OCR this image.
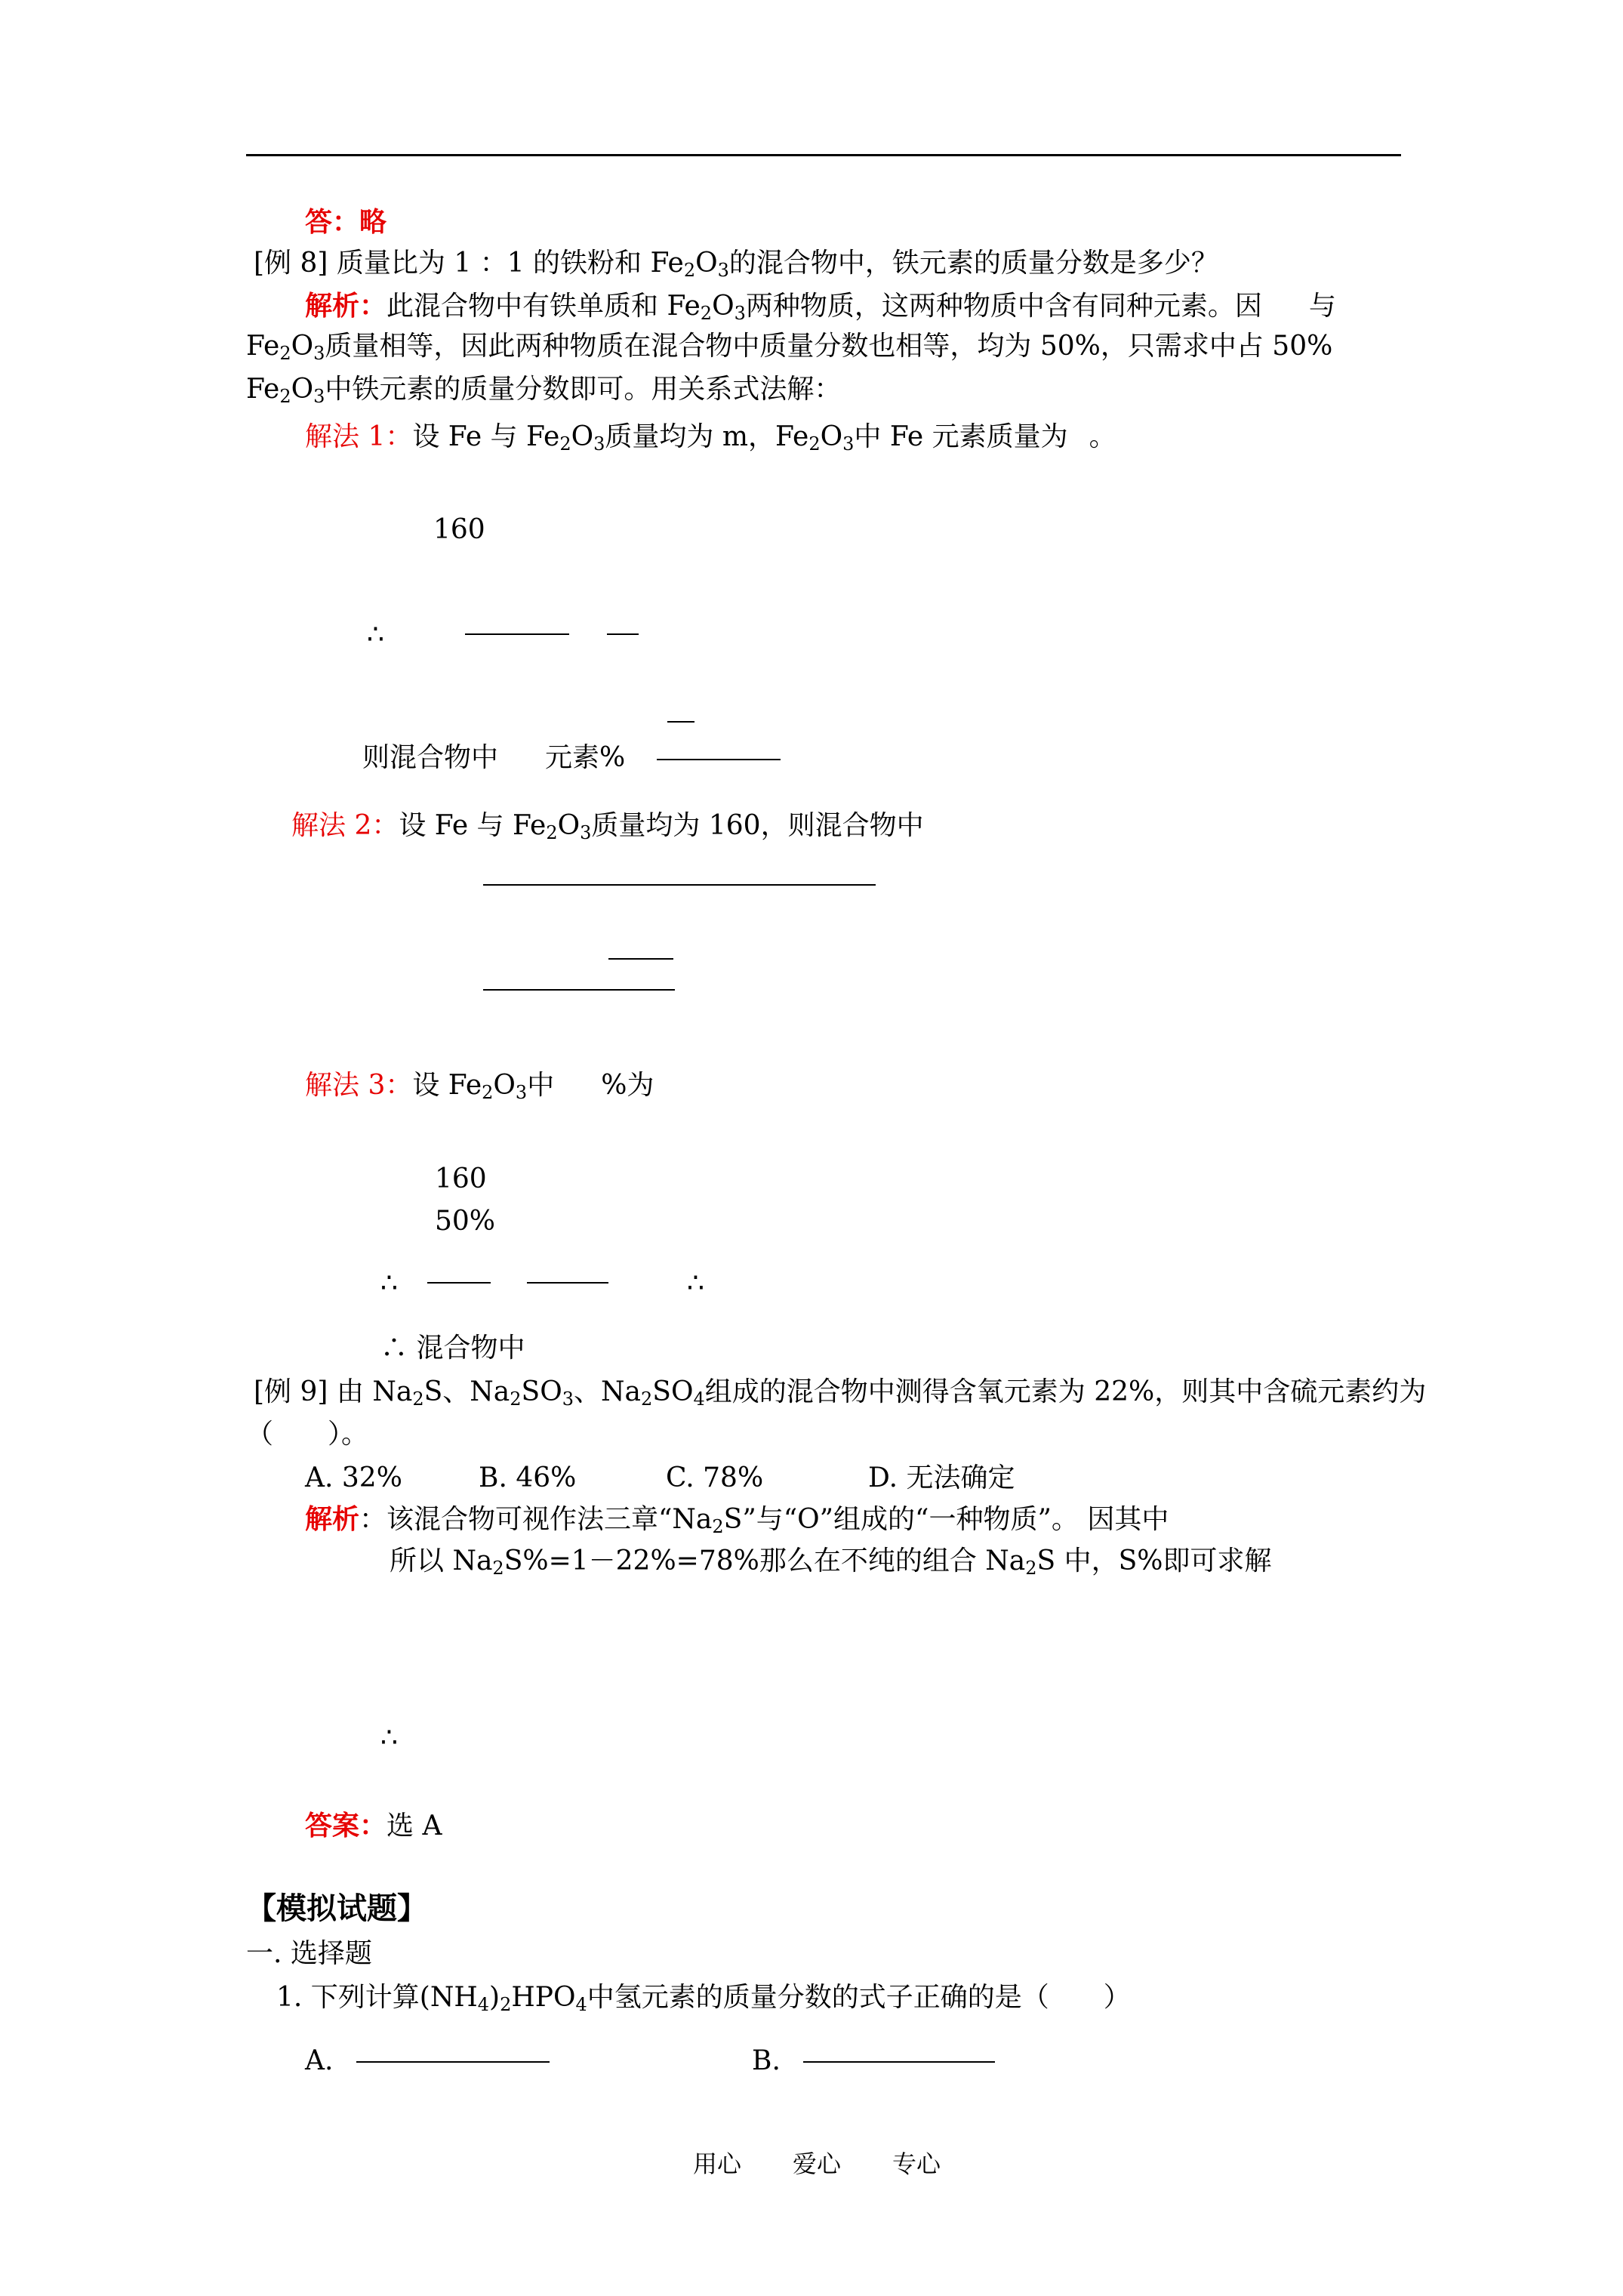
答：略
[例 8] 质量比为 1 ：1 的铁粉和 $Fe_2O_3$的混合物中，铁元素的质量分数是多少？
解析：此混合物中有铁单质和 $Fe_2O_3$两种物质，这两种物质中含有同种元素。因 与
$Fe_2O_3$质量相等，因此两种物质在混合物中质量分数也相等，均为 50%，只需求中占 50%
$Fe_2O_3$中铁元素的质量分数即可。用关系式法解：
解法 1：设 Fe 与 $Fe_2O_3$质量均为 m，$Fe_2O_3$中 Fe 元素质量为 。
160
∴
则混合物中 元素%
解法 2：设 Fe 与 $Fe_2O_3$质量均为 160，则混合物中
解法 3：设 $Fe_2O_3$中 %为
160
50%
∴	∴
∴ 混合物中
[例 9] 由 $Na_2S$、$Na_2SO_3$、$Na_2SO_4$组成的混合物中测得含氧元素为 22%，则其中含硫元素约为
（　　）。
A. 32%	B. 46%	C. 78%	D. 无法确定
解析：该混合物可视作法三章“$Na_2S$”与“O”组成的“一种物质”。 因其中
所以 $Na_2S\%=1-22\%=78\%$那么在不纯的组合 $Na_2S$ 中，S%即可求解
∴
答案：选 A
【模拟试题】
一. 选择题
1. 下列计算$(NH_4)_2HPO_4$中氢元素的质量分数的式子正确的是（　　）
A.	B.
用心 爱心 专心
